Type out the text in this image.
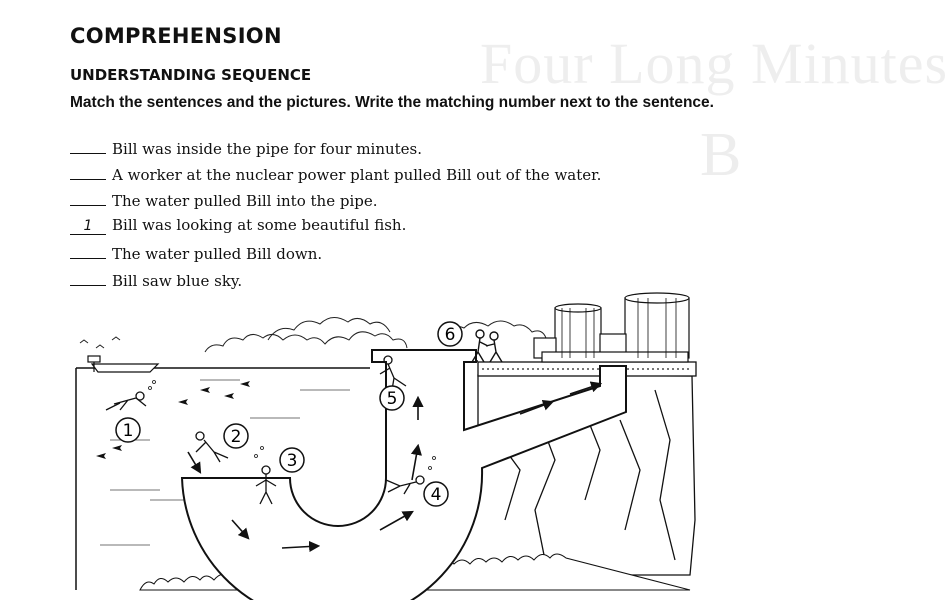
Four Long Minutes
B
COMPREHENSION
UNDERSTANDING SEQUENCE

Match the sentences and the pictures. Write the matching number next to the sentence.

Bill was inside the pipe for four minutes.
A worker at the nuclear power plant pulled Bill out of the water.
The water pulled Bill into the pipe.
1 Bill was looking at some beautiful fish.
The water pulled Bill down.
Bill saw blue sky.
1	2
3
4
5
6
